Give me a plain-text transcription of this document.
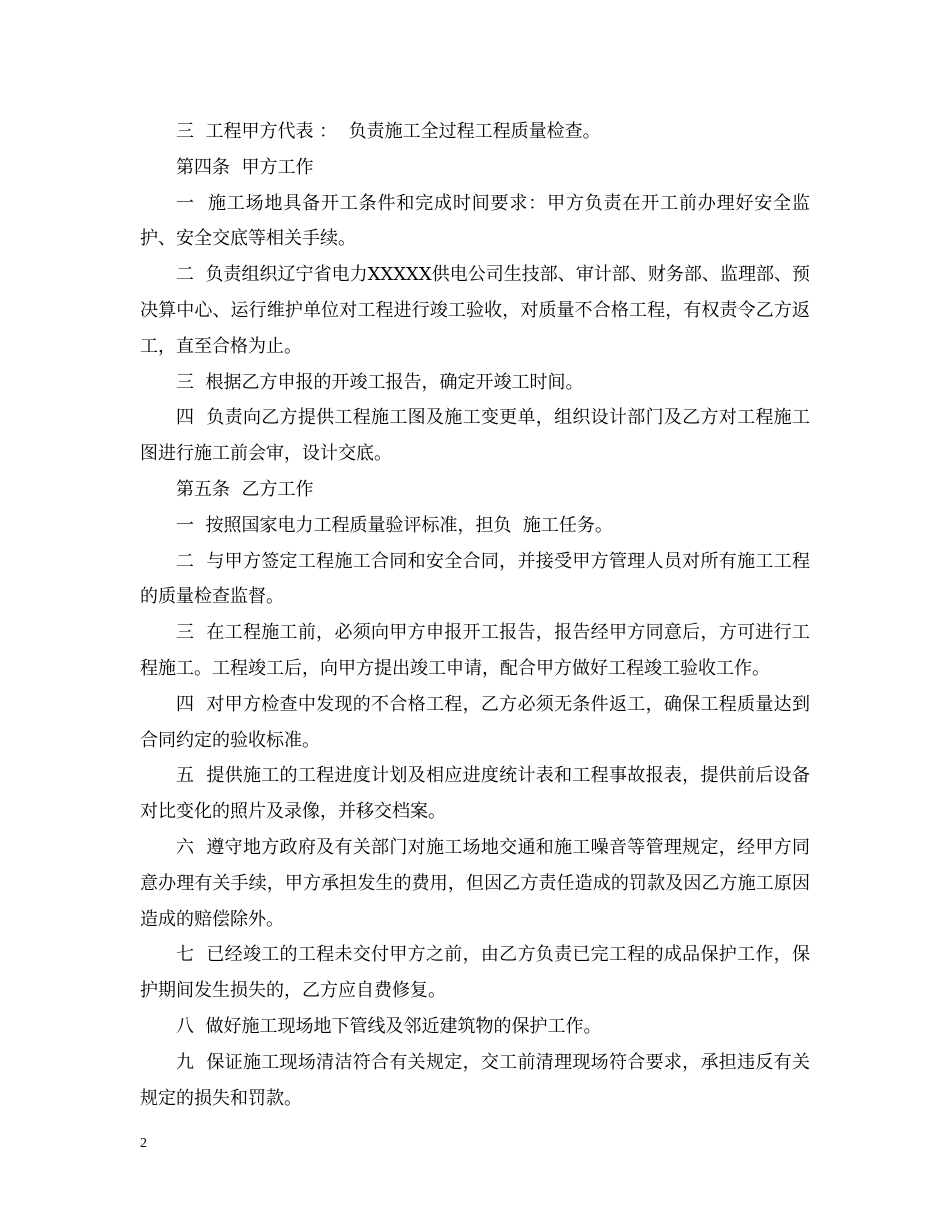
三  工程甲方代表 ：  负责施工全过程工程质量检查。

第四条  甲方工作

一  施工场地具备开工条件和完成时间要求：甲方负责在开工前办理好安全监护、安全交底等相关手续。

二  负责组织辽宁省电力XXXXX供电公司生技部、审计部、财务部、监理部、预决算中心、运行维护单位对工程进行竣工验收，对质量不合格工程，有权责令乙方返工，直至合格为止。

三  根据乙方申报的开竣工报告，确定开竣工时间。

四  负责向乙方提供工程施工图及施工变更单，组织设计部门及乙方对工程施工图进行施工前会审，设计交底。

第五条  乙方工作

一  按照国家电力工程质量验评标准，担负  施工任务。

二  与甲方签定工程施工合同和安全合同，并接受甲方管理人员对所有施工工程的质量检查监督。

三  在工程施工前，必须向甲方申报开工报告，报告经甲方同意后，方可进行工程施工。工程竣工后，向甲方提出竣工申请，配合甲方做好工程竣工验收工作。

四  对甲方检查中发现的不合格工程，乙方必须无条件返工，确保工程质量达到合同约定的验收标准。

五  提供施工的工程进度计划及相应进度统计表和工程事故报表，提供前后设备对比变化的照片及录像，并移交档案。

六  遵守地方政府及有关部门对施工场地交通和施工噪音等管理规定，经甲方同意办理有关手续，甲方承担发生的费用，但因乙方责任造成的罚款及因乙方施工原因造成的赔偿除外。

七  已经竣工的工程未交付甲方之前，由乙方负责已完工程的成品保护工作，保护期间发生损失的，乙方应自费修复。

八  做好施工现场地下管线及邻近建筑物的保护工作。

九  保证施工现场清洁符合有关规定，交工前清理现场符合要求，承担违反有关规定的损失和罚款。

2
